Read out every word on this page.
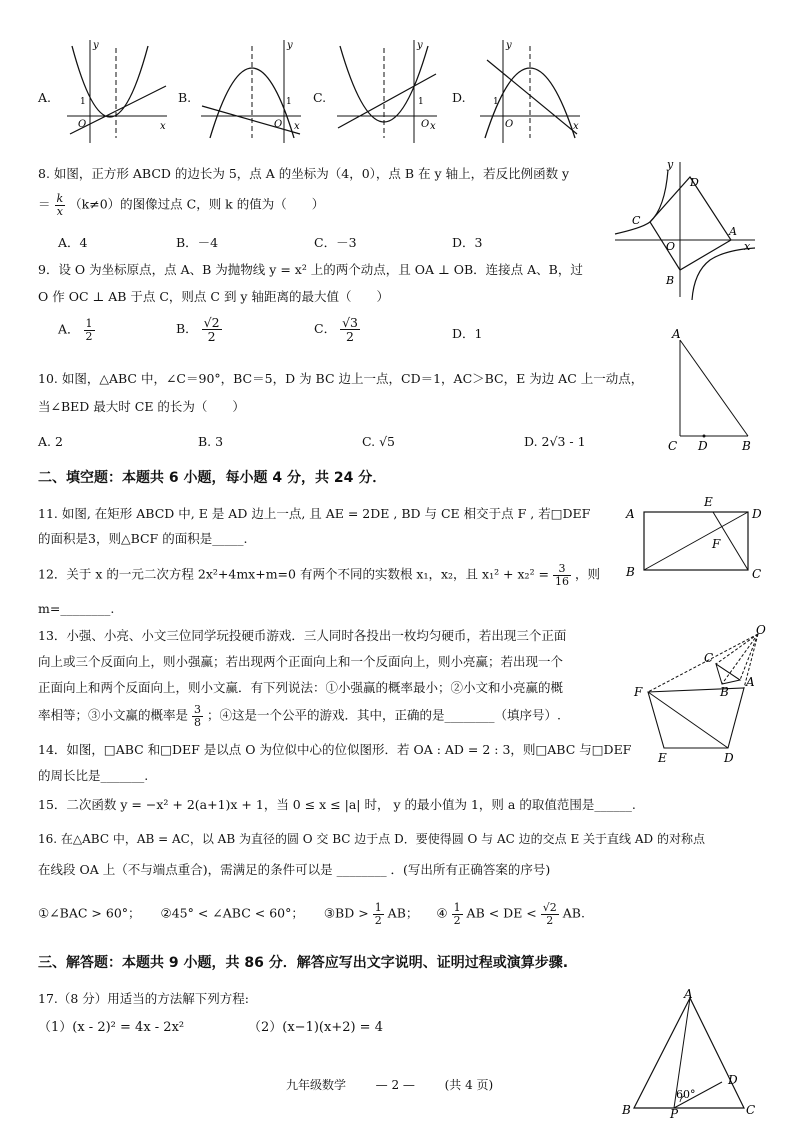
A.	B.	C.	D.
y
x
O
1
y
x
O
1
y
x
O
1
y
x
O
1
8. 如图，正方形 ABCD 的边长为 5，点 A 的坐标为（4，0），点 B 在 y 轴上，若反比例函数 y
＝ $\frac{k}{x} (k\ne 0)$的图像过点 C，则 k 的值为（　　）
A．4	B．－4	C．－3	D．3
y
x
O
A
B
C
D
9．设 O 为坐标原点，点 A、B 为抛物线 y = x² 上的两个动点，且 OA ⊥ OB．连接点 A、B，过
O 作 OC ⊥ AB 于点 C，则点 C 到 y 轴距离的最大值（　　）
A． $\frac{1}{2}$	B． $\frac{√2}{2}$	C． $\frac{√3}{2}$	D．1	A
C D	B
10. 如图，△ABC 中，∠C＝90°，BC＝5，D 为 BC 边上一点，CD＝1，AC＞BC，E 为边 AC 上一动点，
当∠BED 最大时 CE 的长为（　　）
A. 2	B. 3	C. √5	D. 2√3 - 1
二、填空题：本题共 6 小题，每小题 4 分，共 24 分．
11. 如图, 在矩形 ABCD 中, E 是 AD 边上一点, 且 AE = 2DE , BD 与 CE 相交于点 F , 若□DEF
的面积是3，则△BCF 的面积是_____.
A
E
D
F
B	C
12．关于 x 的一元二次方程 2x²+4mx+m=0 有两个不同的实数根 x₁，x₂，且 $x_1^2 + x_2^2 = \frac{3}{16}$ ，则
m=________.
13．小强、小亮、小文三位同学玩投硬币游戏．三人同时各投出一枚均匀硬币，若出现三个正面
向上或三个反面向上，则小强赢；若出现两个正面向上和一个反面向上，则小亮赢；若出现一个
正面向上和两个反面向上，则小文赢．有下列说法：①小强赢的概率最小；②小文和小亮赢的概
率相等；③小文赢的概率是 $\frac{3}{8}$ ；④这是一个公平的游戏．其中，正确的是________（填序号）.
O
C
A
B
F
E	D
14．如图，□ABC 和□DEF 是以点 O 为位似中心的位似图形．若 OA : AD = 2 : 3，则□ABC 与□DEF
的周长比是_______.
15．二次函数 y = −x² + 2(a+1)x + 1，当 0 ≤ x ≤ |a| 时， y 的最小值为 1，则 a 的取值范围是______.
16. 在△ABC 中，AB = AC，以 AB 为直径的圆 O 交 BC 边于点 D．要使得圆 O 与 AC 边的交点 E 关于直线 AD 的对称点
在线段 OA 上（不与端点重合)，需满足的条件可以是 ________ ．(写出所有正确答案的序号)
①∠BAC > 60°； ②45° < ∠ABC < 60°； ③BD > $\frac{1}{2}$ AB； ④ $\frac{1}{2}$ AB < DE < $\frac{√2}{2}$ AB.
三、解答题：本题共 9 小题，共 86 分．解答应写出文字说明、证明过程或演算步骤.
17.（8 分）用适当的方法解下列方程:
（1）(x - 2)² = 4x - 2x²	（2）(x−1)(x+2) = 4
A
D
B	P	C
60°
九年级数学 — 2 — (共 4 页)
